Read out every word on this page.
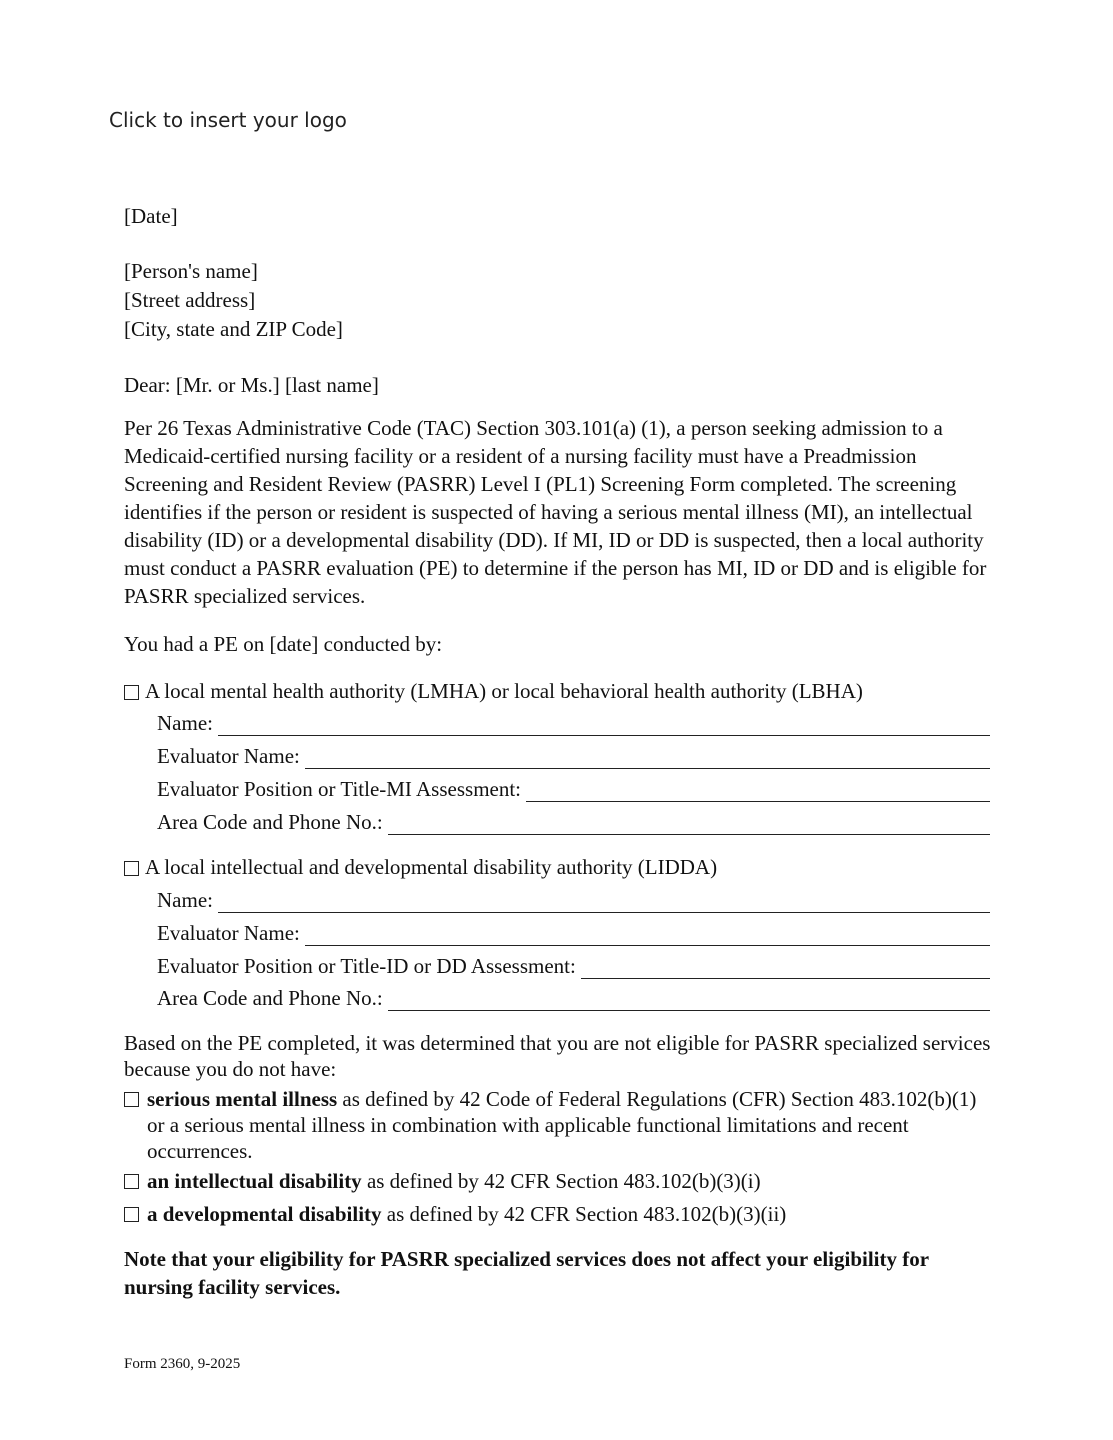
Click to insert your logo
[Date]
[Person's name]
[Street address]
[City, state and ZIP Code]
Dear: [Mr. or Ms.] [last name]
Per 26 Texas Administrative Code (TAC) Section 303.101(a) (1), a person seeking admission to a Medicaid-certified nursing facility or a resident of a nursing facility must have a Preadmission Screening and Resident Review (PASRR) Level I (PL1) Screening Form completed. The screening identifies if the person or resident is suspected of having a serious mental illness (MI), an intellectual disability (ID) or a developmental disability (DD). If MI, ID or DD is suspected, then a local authority must conduct a PASRR evaluation (PE) to determine if the person has MI, ID or DD and is eligible for PASRR specialized services.
You had a PE on [date] conducted by:
A local mental health authority (LMHA) or local behavioral health authority (LBHA)
Name:
Evaluator Name:
Evaluator Position or Title-MI Assessment:
Area Code and Phone No.:
A local intellectual and developmental disability authority (LIDDA)
Name:
Evaluator Name:
Evaluator Position or Title-ID or DD Assessment:
Area Code and Phone No.:
Based on the PE completed, it was determined that you are not eligible for PASRR specialized services because you do not have:
serious mental illness as defined by 42 Code of Federal Regulations (CFR) Section 483.102(b)(1) or a serious mental illness in combination with applicable functional limitations and recent occurrences.
an intellectual disability as defined by 42 CFR Section 483.102(b)(3)(i)
a developmental disability as defined by 42 CFR Section 483.102(b)(3)(ii)
Note that your eligibility for PASRR specialized services does not affect your eligibility for nursing facility services.
Form 2360, 9-2025
